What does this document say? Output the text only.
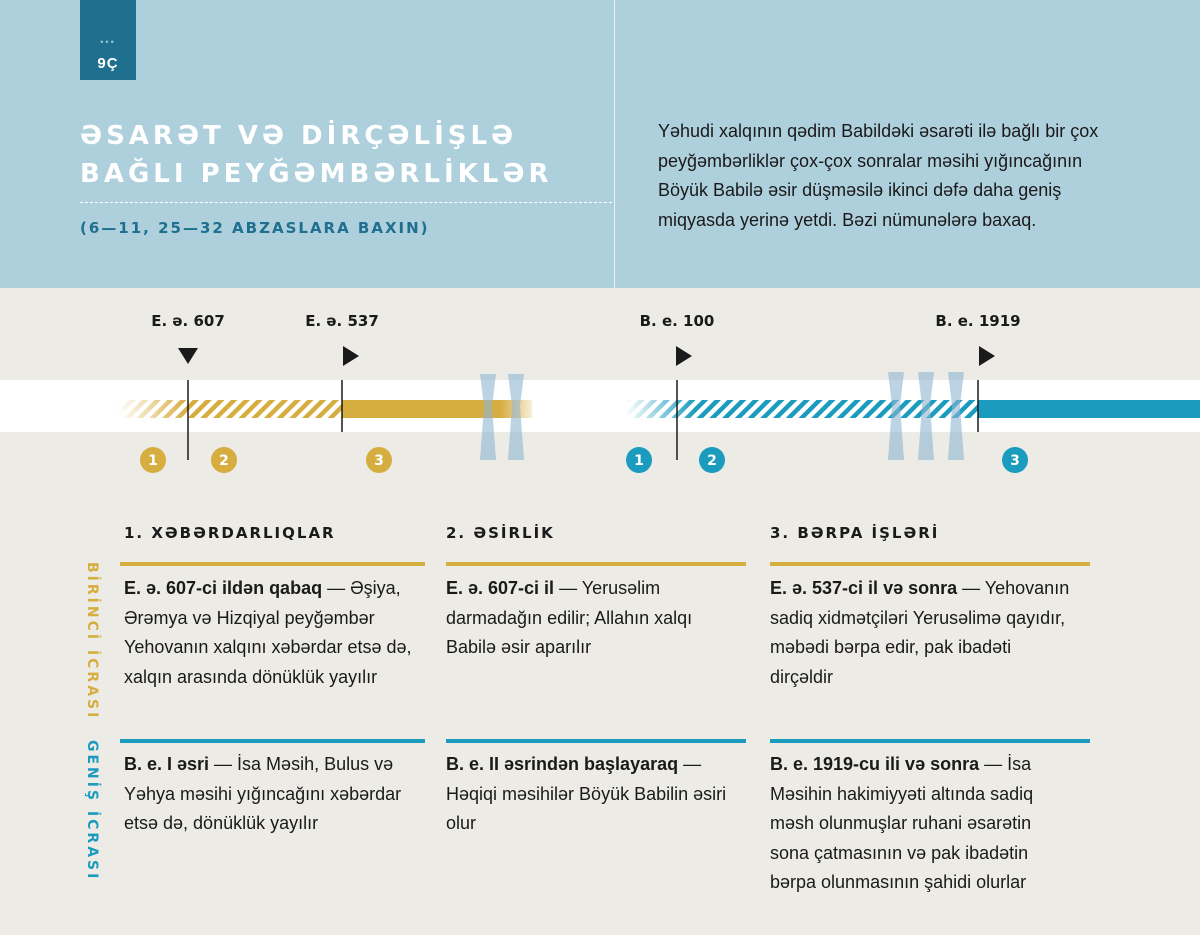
•••
9Ç
ƏSARƏT VƏ DİRÇƏLİŞLƏ
BAĞLI PEYĞƏMBƏRLİKLƏR
(6—11, 25—32 ABZASLARA BAXIN)
Yəhudi xalqının qədim Babildəki əsarəti ilə bağlı bir çox peyğəmbərliklər çox-çox sonralar məsihi yığıncağının Böyük Babilə əsir düşməsilə ikinci dəfə daha geniş miqyasda yerinə yetdi. Bəzi nümunələrə baxaq.
E. ə. 607	E. ə. 537	B. e. 100	B. e. 1919
1	2	3	1	2	3
BİRİNCİ İCRASI
GENİŞ İCRASI
1. XƏBƏRDARLIQLAR	2. ƏSİRLİK	3. BƏRPA İŞLƏRİ
E. ə. 607-ci ildən qabaq — Əşiya, Ərəmya və Hizqiyal peyğəmbər Yehovanın xalqını xəbərdar etsə də, xalqın arasında dönüklük yayılır
E. ə. 607-ci il — Yerusəlim darmadağın edilir; Allahın xalqı Babilə əsir aparılır
E. ə. 537-ci il və sonra — Yehovanın sadiq xidmətçiləri Yerusəlimə qayıdır, məbədi bərpa edir, pak ibadəti dirçəldir
B. e. I əsri — İsa Məsih, Bulus və Yəhya məsihi yığıncağını xəbərdar etsə də, dönüklük yayılır
B. e. II əsrindən başlayaraq — Həqiqi məsihilər Böyük Babilin əsiri olur
B. e. 1919-cu ili və sonra — İsa Məsihin hakimiyyəti altında sadiq məsh olunmuşlar ruhani əsarətin sona çatmasının və pak ibadətin bərpa olunmasının şahidi olurlar
